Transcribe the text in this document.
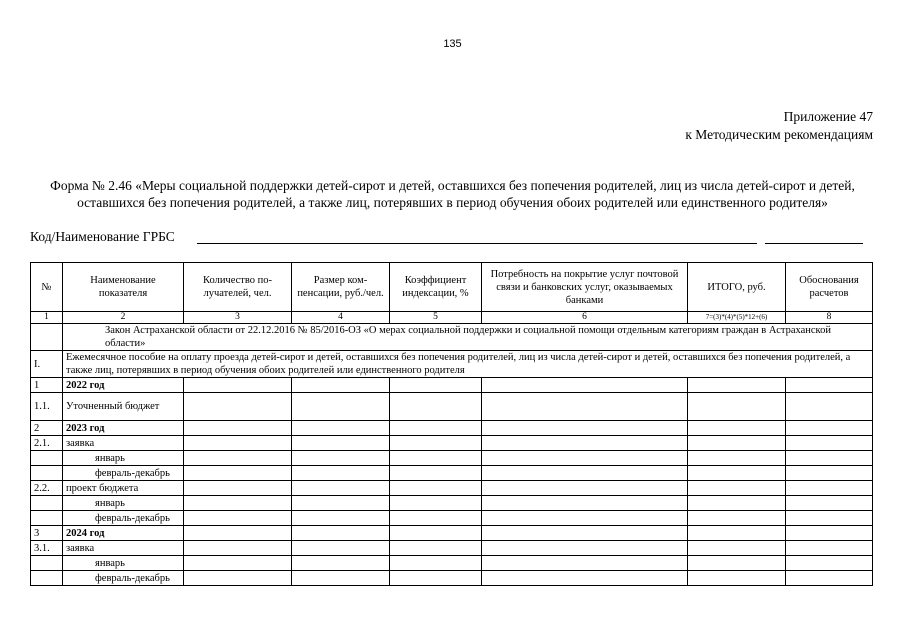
135
Приложение 47
к Методическим рекомендациям
Форма № 2.46 «Меры социальной поддержки детей-сирот и детей, оставшихся без попечения родителей, лиц из числа детей-сирот и детей, оставшихся без попечения родителей, а также лиц, потерявших в период обучения обоих родителей или единственного родителя»
Код/Наименование ГРБС
№	Наименование показателя	Количество по-лучателей, чел.	Размер ком-пенсации, руб./чел.	Коэффициент индексации, %	Потребность на покрытие услуг почтовой связи и банковских услуг, оказываемых банками	ИТОГО, руб.	Обоснования расчетов
1	2	3	4	5	6	7=(3)*(4)*(5)*12+(6)	8
	Закон Астраханской области от 22.12.2016 № 85/2016-ОЗ «О мерах социальной поддержки и социальной помощи отдельным категориям граждан в Астраханской области»						
I.	Ежемесячное пособие на оплату проезда детей-сирот и детей, оставшихся без попечения родителей, лиц из числа детей-сирот и детей, оставшихся без попечения родителей, а также лиц, потерявших в период обучения обоих родителей или единственного родителя						
1	2022 год						
1.1.	Уточненный бюджет						
2	2023 год						
2.1.	заявка						
	январь						
	февраль-декабрь						
2.2.	проект бюджета						
	январь						
	февраль-декабрь						
3	2024 год						
3.1.	заявка						
	январь						
	февраль-декабрь						
